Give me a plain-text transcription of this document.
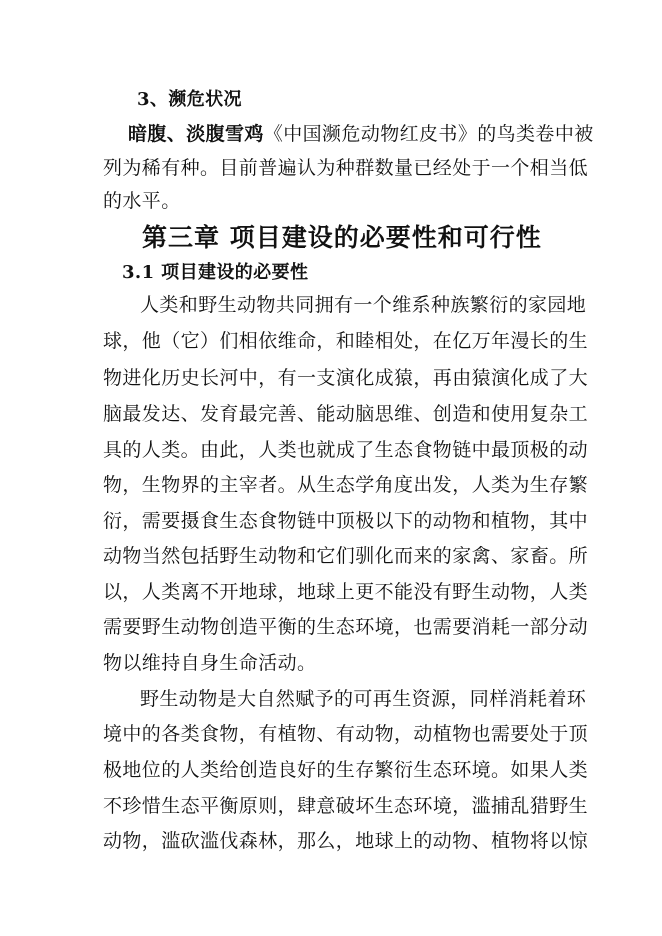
3、濒危状况
暗腹、淡腹雪鸡《中国濒危动物红皮书》的鸟类卷中被
列为稀有种。目前普遍认为种群数量已经处于一个相当低
的水平。
第三章 项目建设的必要性和可行性
3.1 项目建设的必要性
人类和野生动物共同拥有一个维系种族繁衍的家园地
球，他（它）们相依维命，和睦相处，在亿万年漫长的生
物进化历史长河中，有一支演化成猿，再由猿演化成了大
脑最发达、发育最完善、能动脑思维、创造和使用复杂工
具的人类。由此，人类也就成了生态食物链中最顶极的动
物，生物界的主宰者。从生态学角度出发，人类为生存繁
衍，需要摄食生态食物链中顶极以下的动物和植物，其中
动物当然包括野生动物和它们驯化而来的家禽、家畜。所
以，人类离不开地球，地球上更不能没有野生动物，人类
需要野生动物创造平衡的生态环境，也需要消耗一部分动
物以维持自身生命活动。
野生动物是大自然赋予的可再生资源，同样消耗着环
境中的各类食物，有植物、有动物，动植物也需要处于顶
极地位的人类给创造良好的生存繁衍生态环境。如果人类
不珍惜生态平衡原则，肆意破坏生态环境，滥捕乱猎野生
动物，滥砍滥伐森林，那么，地球上的动物、植物将以惊
